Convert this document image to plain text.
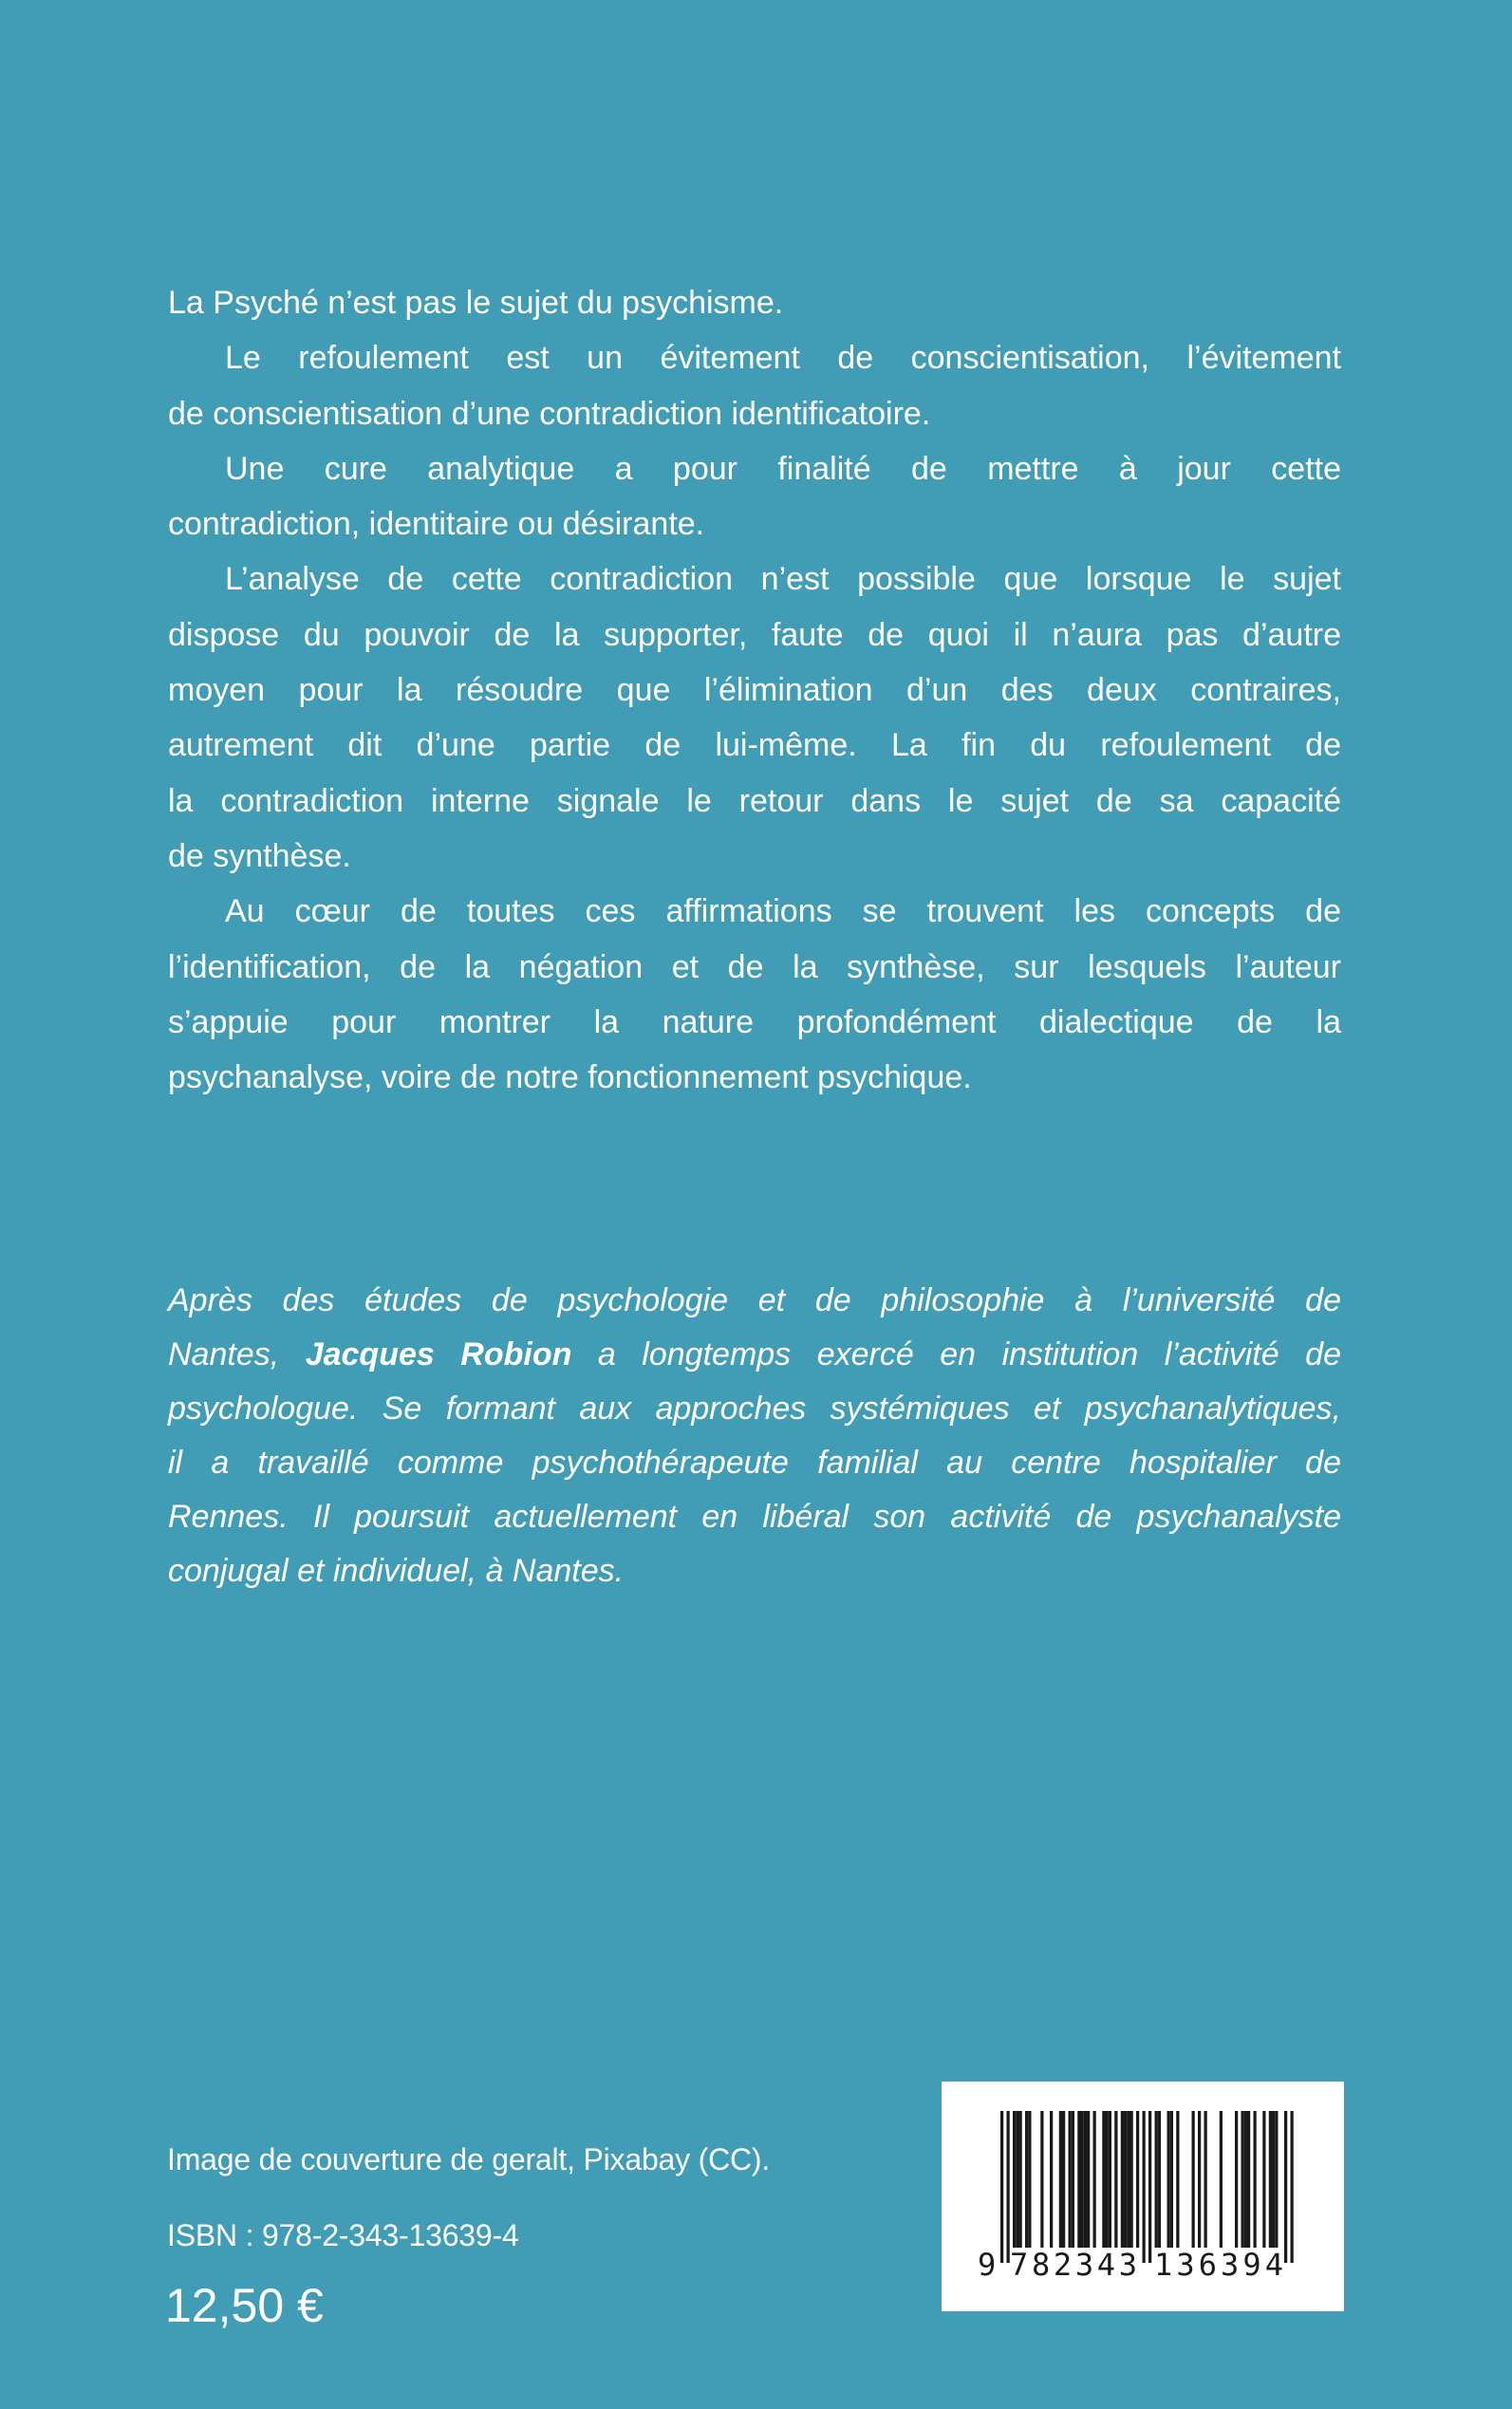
La Psyché n’est pas le sujet du psychisme.
Le refoulement est un évitement de conscientisation, l’évitement
de conscientisation d’une contradiction identificatoire.
Une cure analytique a pour finalité de mettre à jour cette
contradiction, identitaire ou désirante.
L’analyse de cette contradiction n’est possible que lorsque le sujet
dispose du pouvoir de la supporter, faute de quoi il n’aura pas d’autre
moyen pour la résoudre que l’élimination d’un des deux contraires,
autrement dit d’une partie de lui-même. La fin du refoulement de
la contradiction interne signale le retour dans le sujet de sa capacité
de synthèse.
Au cœur de toutes ces affirmations se trouvent les concepts de
l’identification, de la négation et de la synthèse, sur lesquels l’auteur
s’appuie pour montrer la nature profondément dialectique de la
psychanalyse, voire de notre fonctionnement psychique.
Après des études de psychologie et de philosophie à l’université de
Nantes, Jacques Robion a longtemps exercé en institution l’activité de
psychologue. Se formant aux approches systémiques et psychanalytiques,
il a travaillé comme psychothérapeute familial au centre hospitalier de
Rennes. Il poursuit actuellement en libéral son activité de psychanalyste
conjugal et individuel, à Nantes.
Image de couverture de geralt, Pixabay (CC).
ISBN : 978-2-343-13639-4
12,50 €
9 782343 136394
